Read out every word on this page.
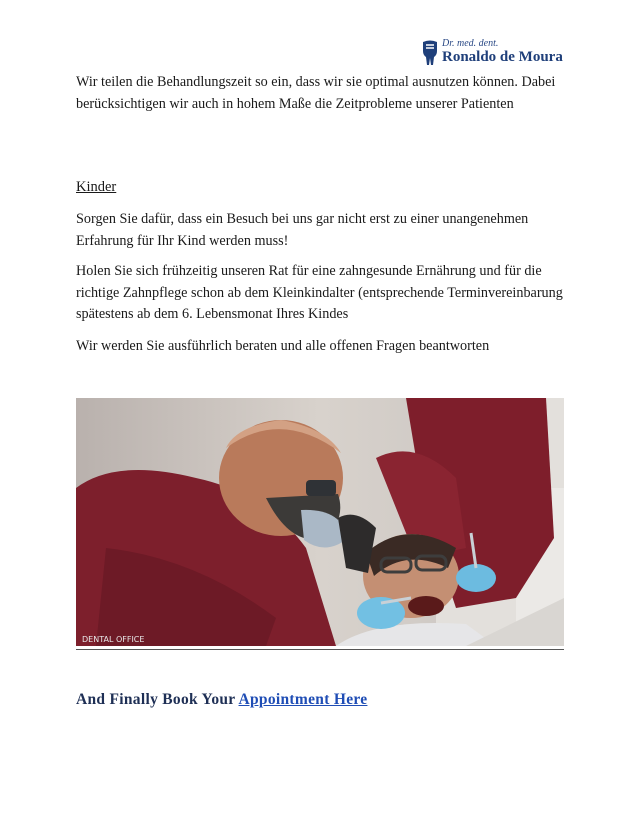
Dr. med. dent.
Ronaldo de Moura

Wir teilen die Behandlungszeit so ein, dass wir sie optimal ausnutzen können. Dabei berücksichtigen wir auch in hohem Maße die Zeitprobleme unserer Patienten

Kinder

Sorgen Sie dafür, dass ein Besuch bei uns gar nicht erst zu einer unangenehmen Erfahrung für Ihr Kind werden muss!

Holen Sie sich frühzeitig unseren Rat für eine zahngesunde Ernährung und für die richtige Zahnpflege schon ab dem Kleinkindalter (entsprechende Terminvereinbarung spätestens ab dem 6. Lebensmonat Ihres Kindes

Wir werden Sie ausführlich beraten und alle offenen Fragen beantworten

DENTAL OFFICE

And Finally Book Your Appointment Here
